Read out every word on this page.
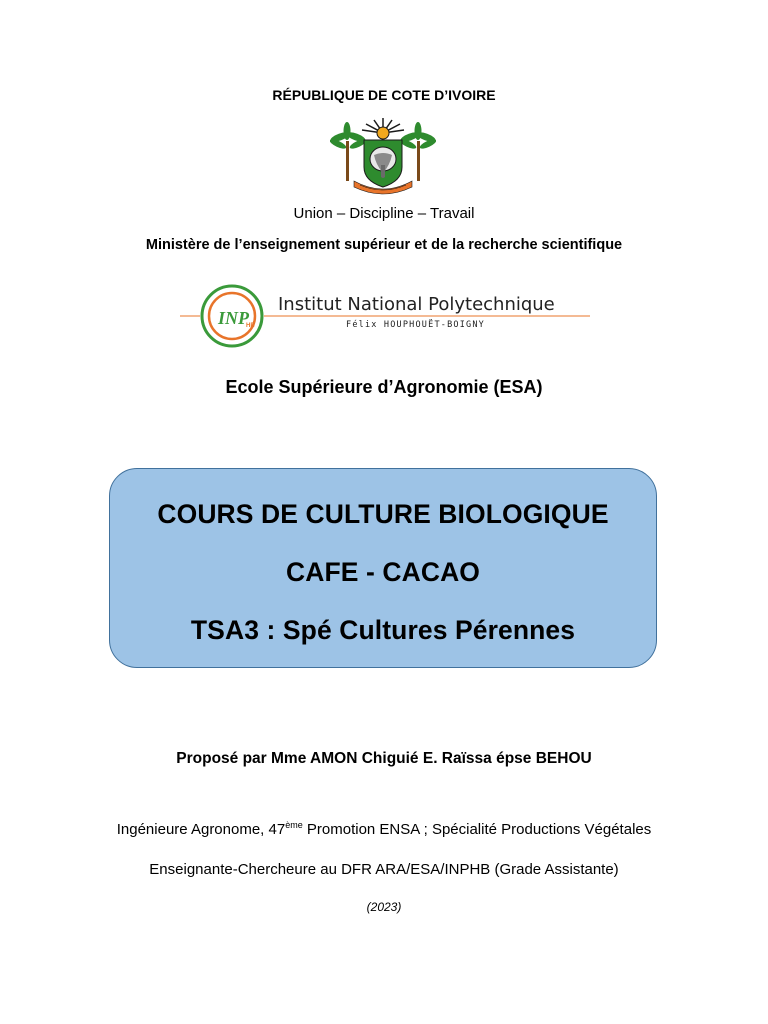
RÉPUBLIQUE DE COTE D’IVOIRE
Union – Discipline – Travail
Ministère de l’enseignement supérieur et de la recherche scientifique
INP
HB
Institut National Polytechnique
Félix HOUPHOUËT-BOIGNY
Ecole Supérieure d’Agronomie (ESA)
COURS DE CULTURE BIOLOGIQUE
CAFE - CACAO
TSA3 : Spé Cultures Pérennes
Proposé par Mme AMON Chiguié E. Raïssa épse BEHOU
Ingénieure Agronome, 47ème Promotion ENSA ; Spécialité Productions Végétales
Enseignante-Chercheure au DFR ARA/ESA/INPHB (Grade Assistante)
(2023)
